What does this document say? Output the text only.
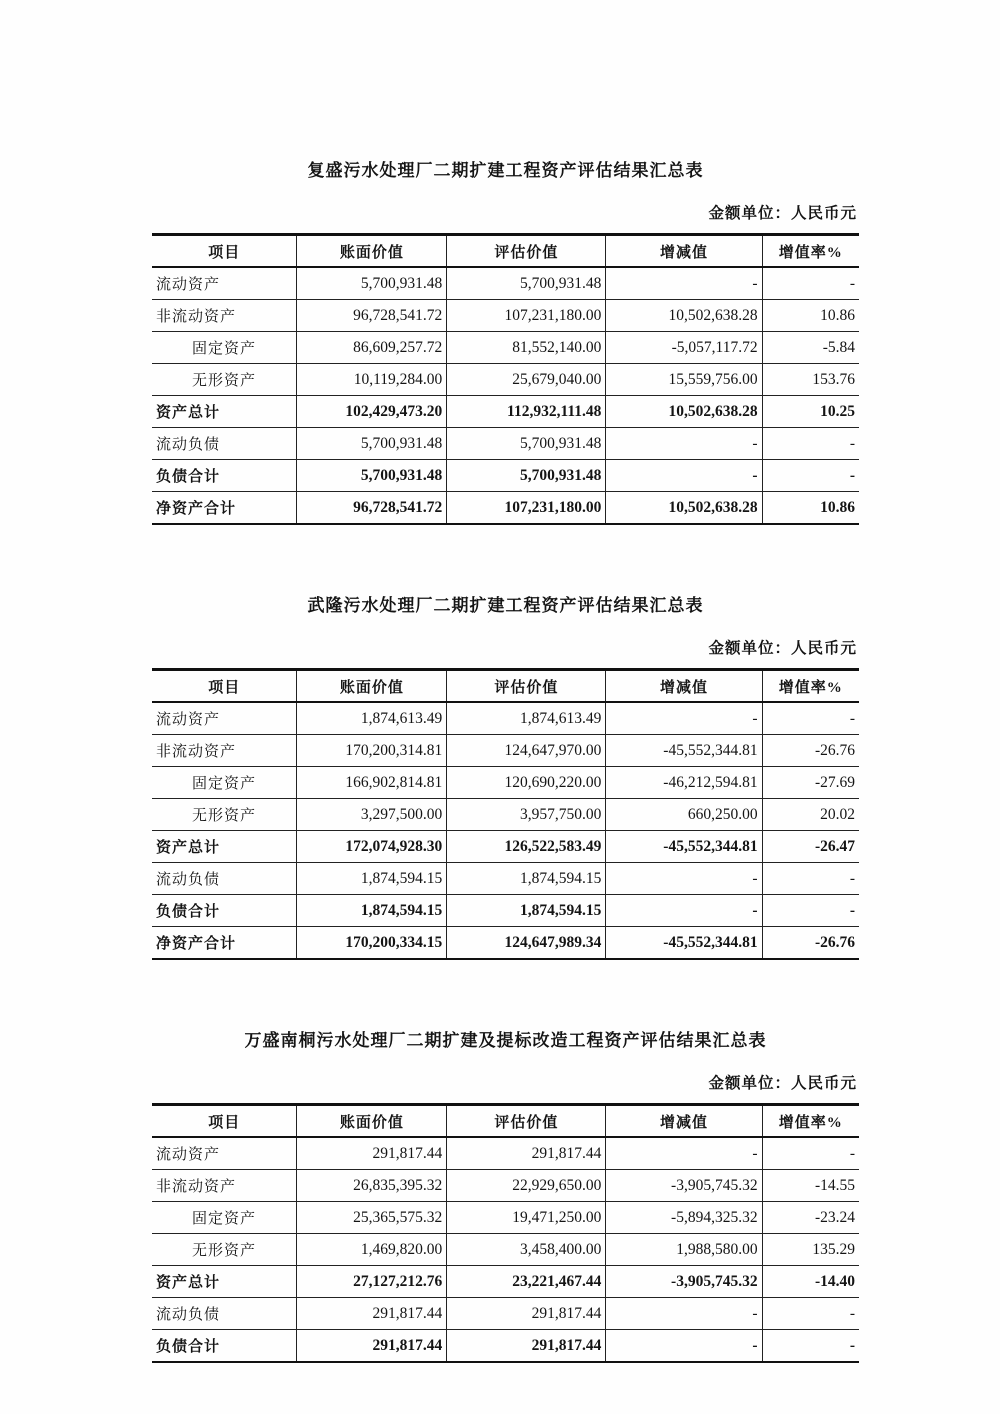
复盛污水处理厂二期扩建工程资产评估结果汇总表
金额单位：人民币元
项目	账面价值	评估价值	增减值	增值率%
流动资产	5,700,931.48	5,700,931.48	-	-
非流动资产	96,728,541.72	107,231,180.00	10,502,638.28	10.86
固定资产	86,609,257.72	81,552,140.00	-5,057,117.72	-5.84
无形资产	10,119,284.00	25,679,040.00	15,559,756.00	153.76
资产总计	102,429,473.20	112,932,111.48	10,502,638.28	10.25
流动负债	5,700,931.48	5,700,931.48	-	-
负债合计	5,700,931.48	5,700,931.48	-	-
净资产合计	96,728,541.72	107,231,180.00	10,502,638.28	10.86
武隆污水处理厂二期扩建工程资产评估结果汇总表
金额单位：人民币元
项目	账面价值	评估价值	增减值	增值率%
流动资产	1,874,613.49	1,874,613.49	-	-
非流动资产	170,200,314.81	124,647,970.00	-45,552,344.81	-26.76
固定资产	166,902,814.81	120,690,220.00	-46,212,594.81	-27.69
无形资产	3,297,500.00	3,957,750.00	660,250.00	20.02
资产总计	172,074,928.30	126,522,583.49	-45,552,344.81	-26.47
流动负债	1,874,594.15	1,874,594.15	-	-
负债合计	1,874,594.15	1,874,594.15	-	-
净资产合计	170,200,334.15	124,647,989.34	-45,552,344.81	-26.76
万盛南桐污水处理厂二期扩建及提标改造工程资产评估结果汇总表
金额单位：人民币元
项目	账面价值	评估价值	增减值	增值率%
流动资产	291,817.44	291,817.44	-	-
非流动资产	26,835,395.32	22,929,650.00	-3,905,745.32	-14.55
固定资产	25,365,575.32	19,471,250.00	-5,894,325.32	-23.24
无形资产	1,469,820.00	3,458,400.00	1,988,580.00	135.29
资产总计	27,127,212.76	23,221,467.44	-3,905,745.32	-14.40
流动负债	291,817.44	291,817.44	-	-
负债合计	291,817.44	291,817.44	-	-
